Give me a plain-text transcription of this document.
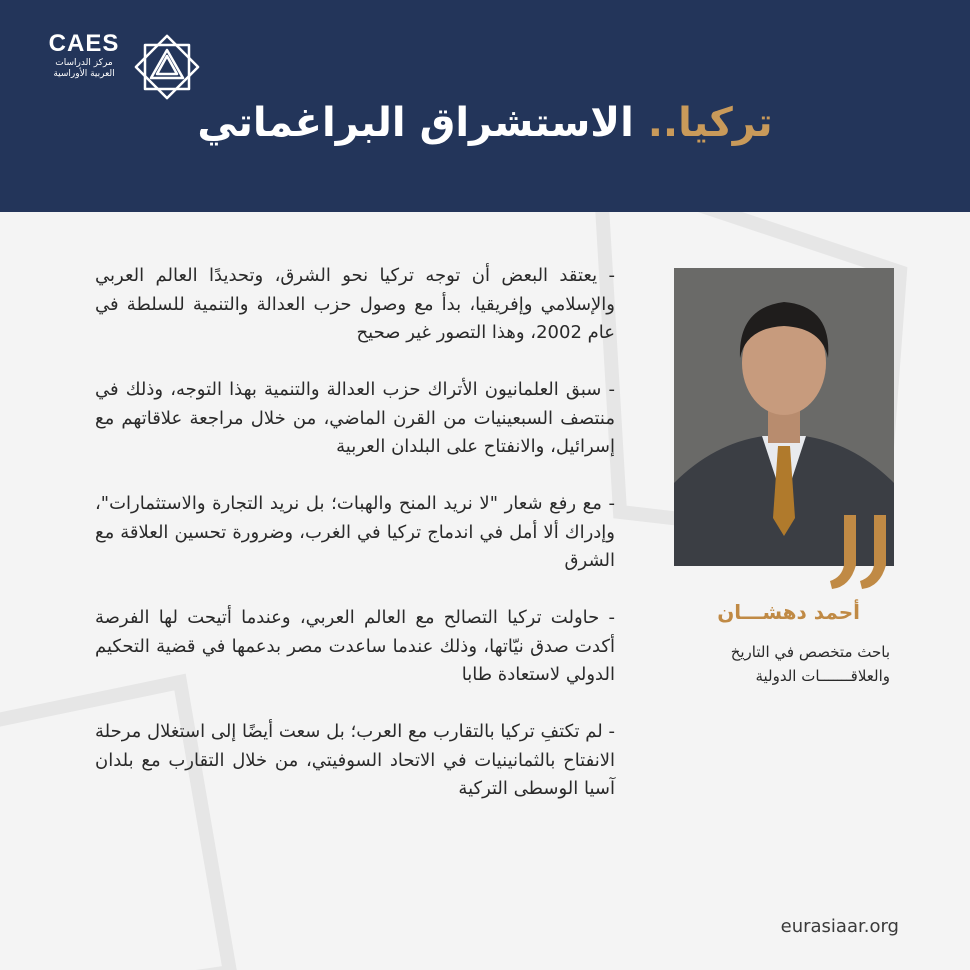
CAES
مركز الدراسات
العربية الأوراسية
تركيا.. الاستشراق البراغماتي

- يعتقد البعض أن توجه تركيا نحو الشرق، وتحديدًا العالم العربي والإسلامي وإفريقيا، بدأ مع وصول حزب العدالة والتنمية للسلطة في عام 2002، وهذا التصور غير صحيح

- سبق العلمانيون الأتراك حزب العدالة والتنمية بهذا التوجه، وذلك في منتصف السبعينيات من القرن الماضي، من خلال مراجعة علاقاتهم مع إسرائيل، والانفتاح على البلدان العربية

- مع رفع شعار "لا نريد المنح والهبات؛ بل نريد التجارة والاستثمارات"، وإدراك ألا أمل في اندماج تركيا في الغرب، وضرورة تحسين العلاقة مع الشرق

- حاولت تركيا التصالح مع العالم العربي، وعندما أتيحت لها الفرصة أكدت صدق نيّاتها، وذلك عندما ساعدت مصر بدعمها في قضية التحكيم الدولي لاستعادة طابا

- لم تكتفِ تركيا بالتقارب مع العرب؛ بل سعت أيضًا إلى استغلال مرحلة الانفتاح بالثمانينيات في الاتحاد السوفيتي، من خلال التقارب مع بلدان آسيا الوسطى التركية

أحمد دهشـــان
باحث متخصص في التاريخ
والعلاقـــــــات الدولية
eurasiaar.org
